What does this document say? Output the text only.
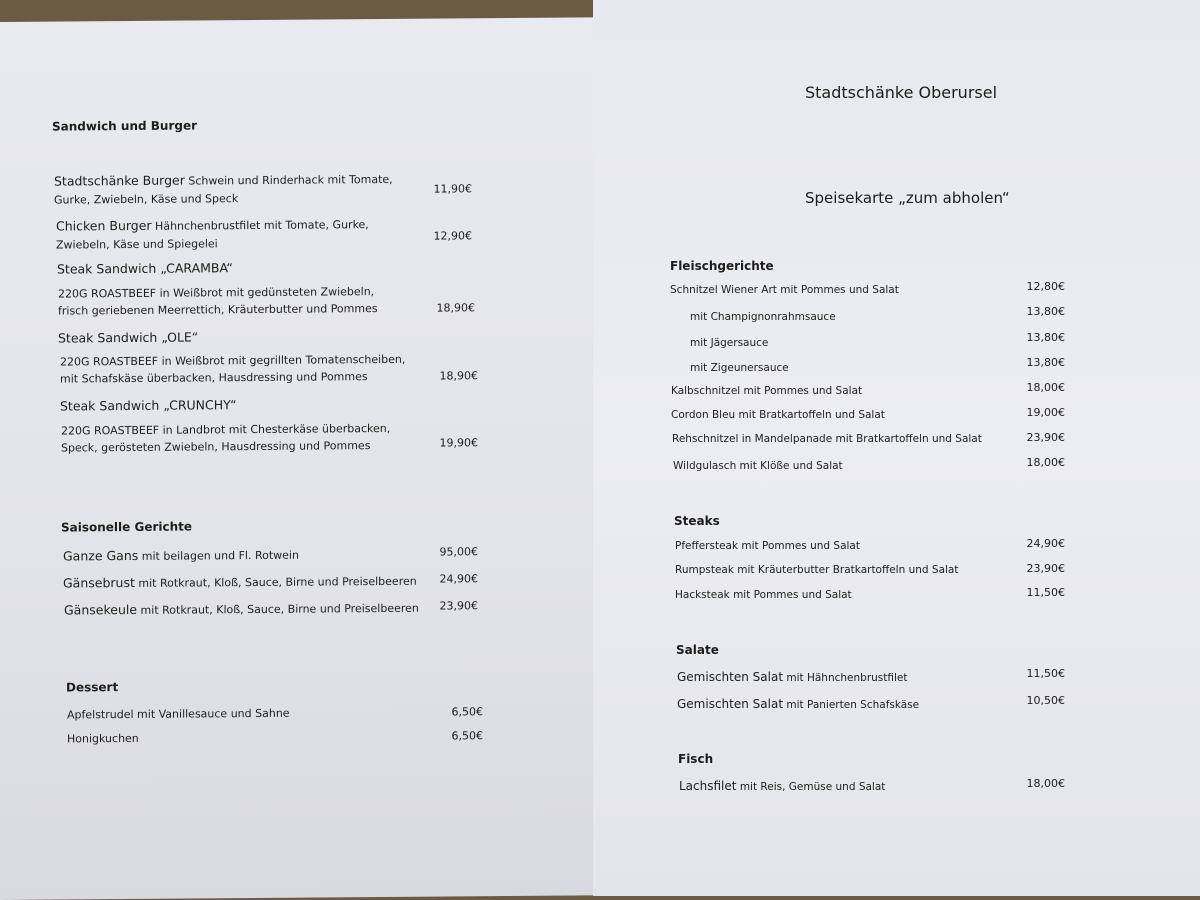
Sandwich und Burger
Stadtschänke Burger Schwein und Rinderhack mit Tomate,
Gurke, Zwiebeln, Käse und Speck
11,90€
Chicken Burger Hähnchenbrustfilet mit Tomate, Gurke,
Zwiebeln, Käse und Spiegelei
12,90€
Steak Sandwich „CARAMBA“
220G ROASTBEEF in Weißbrot mit gedünsteten Zwiebeln,
frisch geriebenen Meerrettich, Kräuterbutter und Pommes	18,90€
Steak Sandwich „OLE“
220G ROASTBEEF in Weißbrot mit gegrillten Tomatenscheiben,
mit Schafskäse überbacken, Hausdressing und Pommes	18,90€
Steak Sandwich „CRUNCHY“
220G ROASTBEEF in Landbrot mit Chesterkäse überbacken,
Speck, gerösteten Zwiebeln, Hausdressing und Pommes	19,90€
Saisonelle Gerichte
Ganze Gans mit beilagen und Fl. Rotwein	95,00€
Gänsebrust mit Rotkraut, Kloß, Sauce, Birne und Preiselbeeren	24,90€
Gänsekeule mit Rotkraut, Kloß, Sauce, Birne und Preiselbeeren	23,90€
Dessert
Apfelstrudel mit Vanillesauce und Sahne	6,50€
Honigkuchen	6,50€
Stadtschänke Oberursel
Speisekarte „zum abholen“
Fleischgerichte
Schnitzel Wiener Art mit Pommes und Salat	12,80€
mit Champignonrahmsauce	13,80€
mit Jägersauce	13,80€
mit Zigeunersauce	13,80€
Kalbschnitzel mit Pommes und Salat	18,00€
Cordon Bleu mit Bratkartoffeln und Salat	19,00€
Rehschnitzel in Mandelpanade mit Bratkartoffeln und Salat	23,90€
Wildgulasch mit Klöße und Salat	18,00€
Steaks
Pfeffersteak mit Pommes und Salat	24,90€
Rumpsteak mit Kräuterbutter Bratkartoffeln und Salat	23,90€
Hacksteak mit Pommes und Salat	11,50€
Salate
Gemischten Salat mit Hähnchenbrustfilet	11,50€
Gemischten Salat mit Panierten Schafskäse	10,50€
Fisch
Lachsfilet mit Reis, Gemüse und Salat	18,00€
